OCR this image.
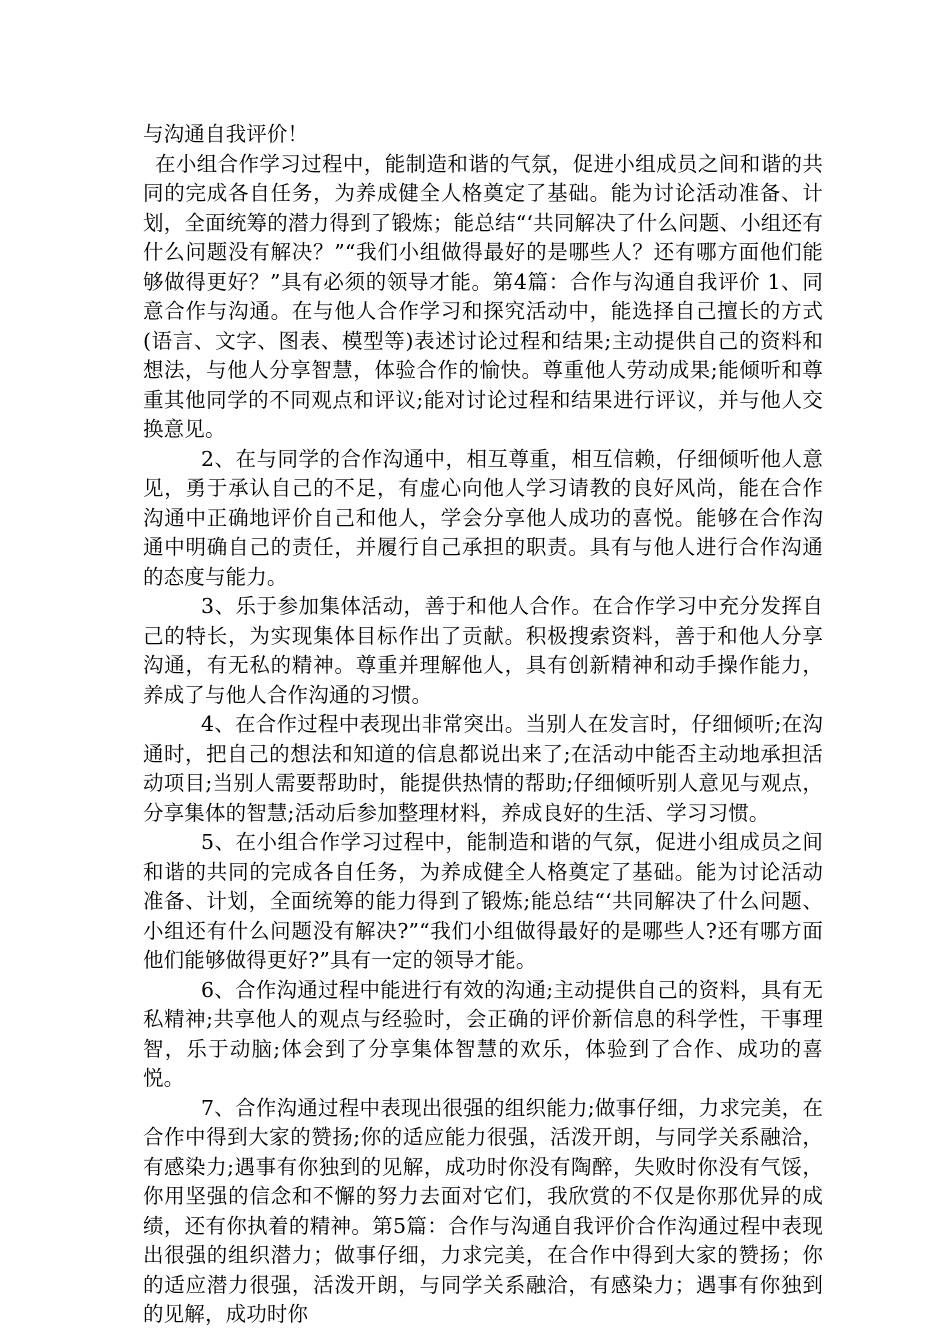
与沟通自我评价！

在小组合作学习过程中，能制造和谐的气氛，促进小组成员之间和谐的共同的完成各自任务，为养成健全人格奠定了基础。能为讨论活动准备、计划，全面统筹的潜力得到了锻炼；能总结“‘共同解决了什么问题、小组还有什么问题没有解决？”“我们小组做得最好的是哪些人？还有哪方面他们能够做得更好？”具有必须的领导才能。第4篇：合作与沟通自我评价 1、同意合作与沟通。在与他人合作学习和探究活动中，能选择自己擅长的方式(语言、文字、图表、模型等)表述讨论过程和结果;主动提供自己的资料和想法，与他人分享智慧，体验合作的愉快。尊重他人劳动成果;能倾听和尊重其他同学的不同观点和评议;能对讨论过程和结果进行评议，并与他人交换意见。

2、在与同学的合作沟通中，相互尊重，相互信赖，仔细倾听他人意见，勇于承认自己的不足，有虚心向他人学习请教的良好风尚，能在合作沟通中正确地评价自己和他人，学会分享他人成功的喜悦。能够在合作沟通中明确自己的责任，并履行自己承担的职责。具有与他人进行合作沟通的态度与能力。

3、乐于参加集体活动，善于和他人合作。在合作学习中充分发挥自己的特长，为实现集体目标作出了贡献。积极搜索资料，善于和他人分享沟通，有无私的精神。尊重并理解他人，具有创新精神和动手操作能力，养成了与他人合作沟通的习惯。

4、在合作过程中表现出非常突出。当别人在发言时，仔细倾听;在沟通时，把自己的想法和知道的信息都说出来了;在活动中能否主动地承担活动项目;当别人需要帮助时，能提供热情的帮助;仔细倾听别人意见与观点，分享集体的智慧;活动后参加整理材料，养成良好的生活、学习习惯。

5、在小组合作学习过程中，能制造和谐的气氛，促进小组成员之间和谐的共同的完成各自任务，为养成健全人格奠定了基础。能为讨论活动准备、计划，全面统筹的能力得到了锻炼;能总结“‘共同解决了什么问题、小组还有什么问题没有解决?”“我们小组做得最好的是哪些人?还有哪方面他们能够做得更好?”具有一定的领导才能。

6、合作沟通过程中能进行有效的沟通;主动提供自己的资料，具有无私精神;共享他人的观点与经验时，会正确的评价新信息的科学性，干事理智，乐于动脑;体会到了分享集体智慧的欢乐，体验到了合作、成功的喜悦。

7、合作沟通过程中表现出很强的组织能力;做事仔细，力求完美，在合作中得到大家的赞扬;你的适应能力很强，活泼开朗，与同学关系融洽，有感染力;遇事有你独到的见解，成功时你没有陶醉，失败时你没有气馁，你用坚强的信念和不懈的努力去面对它们，我欣赏的不仅是你那优异的成绩，还有你执着的精神。第5篇：合作与沟通自我评价合作沟通过程中表现出很强的组织潜力；做事仔细，力求完美，在合作中得到大家的赞扬；你的适应潜力很强，活泼开朗，与同学关系融洽，有感染力；遇事有你独到的见解，成功时你
